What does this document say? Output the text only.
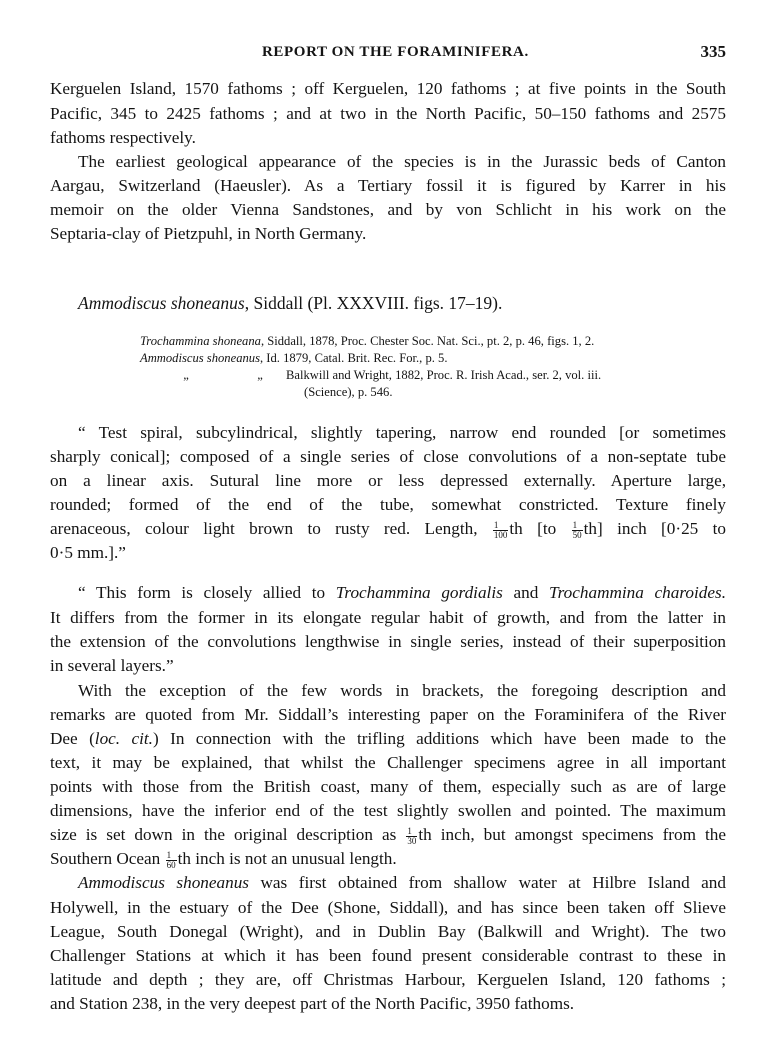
REPORT ON THE FORAMINIFERA.	335
Kerguelen Island, 1570 fathoms ; off Kerguelen, 120 fathoms ; at five points in the South
Pacific, 345 to 2425 fathoms ; and at two in the North Pacific, 50–150 fathoms and 2575
fathoms respectively.
The earliest geological appearance of the species is in the Jurassic beds of Canton
Aargau, Switzerland (Haeusler). As a Tertiary fossil it is figured by Karrer in his
memoir on the older Vienna Sandstones, and by von Schlicht in his work on the
Septaria-clay of Pietzpuhl, in North Germany.
Ammodiscus shoneanus, Siddall (Pl. XXXVIII. figs. 17–19).
Trochammina shoneana, Siddall, 1878, Proc. Chester Soc. Nat. Sci., pt. 2, p. 46, figs. 1, 2.
Ammodiscus shoneanus, Id. 1879, Catal. Brit. Rec. For., p. 5.
„	„ Balkwill and Wright, 1882, Proc. R. Irish Acad., ser. 2, vol. iii.
(Science), p. 546.
“ Test spiral, subcylindrical, slightly tapering, narrow end rounded [or sometimes
sharply conical]; composed of a single series of close convolutions of a non-septate tube
on a linear axis. Sutural line more or less depressed externally. Aperture large,
rounded; formed of the end of the tube, somewhat constricted. Texture finely
arenaceous, colour light brown to rusty red. Length, $\frac{1}{100}$ th $[to \frac{1}{50} th]$ inch [0·25 to
0·5 mm.].”
“ This form is closely allied to Trochammina gordialis and Trochammina charoides.
It differs from the former in its elongate regular habit of growth, and from the latter in
the extension of the convolutions lengthwise in single series, instead of their superposition
in several layers.”
With the exception of the few words in brackets, the foregoing description and
remarks are quoted from Mr. Siddall’s interesting paper on the Foraminifera of the River
Dee (loc. cit.) In connection with the trifling additions which have been made to the
text, it may be explained, that whilst the Challenger specimens agree in all important
points with those from the British coast, many of them, especially such as are of large
dimensions, have the inferior end of the test slightly swollen and pointed. The maximum
size is set down in the original description as $\frac{1}{30}$ th inch, but amongst specimens from the
Southern Ocean $\frac{1}{60}$ th inch is not an unusual length.
Ammodiscus shoneanus was first obtained from shallow water at Hilbre Island and
Holywell, in the estuary of the Dee (Shone, Siddall), and has since been taken off Slieve
League, South Donegal (Wright), and in Dublin Bay (Balkwill and Wright). The two
Challenger Stations at which it has been found present considerable contrast to these in
latitude and depth ; they are, off Christmas Harbour, Kerguelen Island, 120 fathoms ;
and Station 238, in the very deepest part of the North Pacific, 3950 fathoms.
